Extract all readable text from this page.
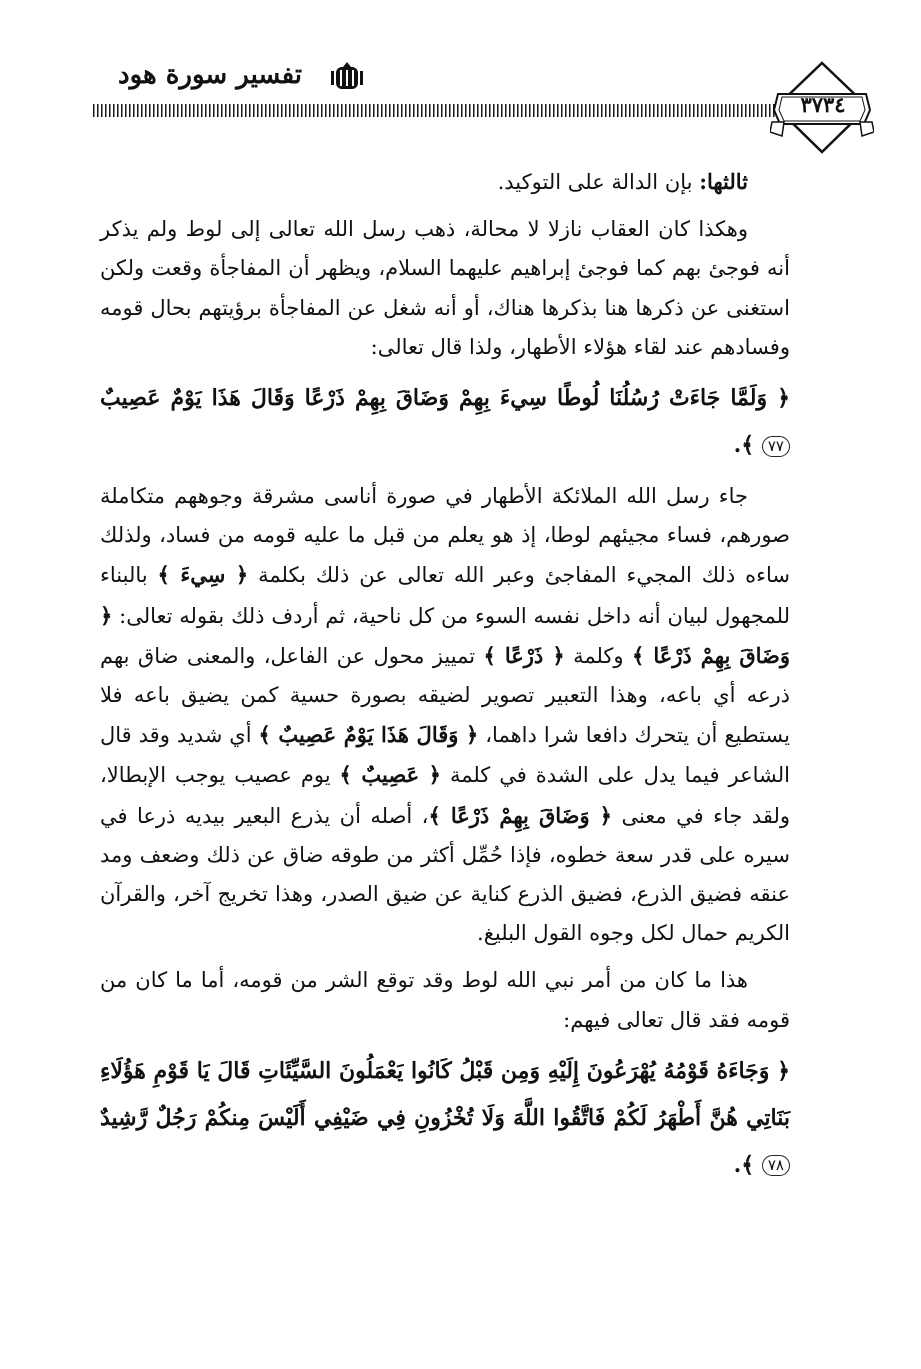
تفسير سورة هود
٣٧٣٤

ثالثها: بإن الدالة على التوكيد.

وهكذا كان العقاب نازلا لا محالة، ذهب رسل الله تعالى إلى لوط ولم يذكر أنه فوجئ بهم كما فوجئ إبراهيم عليهما السلام، ويظهر أن المفاجأة وقعت ولكن استغنى عن ذكرها هنا بذكرها هناك، أو أنه شغل عن المفاجأة برؤيتهم بحال قومه وفسادهم عند لقاء هؤلاء الأطهار، ولذا قال تعالى:

﴿ وَلَمَّا جَاءَتْ رُسُلُنَا لُوطًا سِيءَ بِهِمْ وَضَاقَ بِهِمْ ذَرْعًا وَقَالَ هَذَا يَوْمٌ عَصِيبٌ ٧٧ ﴾.

جاء رسل الله الملائكة الأطهار في صورة أناسى مشرقة وجوههم متكاملة صورهم، فساء مجيئهم لوطا، إذ هو يعلم من قبل ما عليه قومه من فساد، ولذلك ساءه ذلك المجيء المفاجئ وعبر الله تعالى عن ذلك بكلمة ﴿ سِيءَ ﴾ بالبناء للمجهول لبيان أنه داخل نفسه السوء من كل ناحية، ثم أردف ذلك بقوله تعالى: ﴿ وَضَاقَ بِهِمْ ذَرْعًا ﴾ وكلمة ﴿ ذَرْعًا ﴾ تمييز محول عن الفاعل، والمعنى ضاق بهم ذرعه أي باعه، وهذا التعبير تصوير لضيقه بصورة حسية كمن يضيق باعه فلا يستطيع أن يتحرك دافعا شرا داهما، ﴿ وَقَالَ هَذَا يَوْمٌ عَصِيبٌ ﴾ أي شديد وقد قال الشاعر فيما يدل على الشدة في كلمة ﴿ عَصِيبٌ ﴾ يوم عصيب يوجب الإبطالا، ولقد جاء في معنى ﴿ وَضَاقَ بِهِمْ ذَرْعًا ﴾، أصله أن يذرع البعير بيديه ذرعا في سيره على قدر سعة خطوه، فإذا حُمِّل أكثر من طوقه ضاق عن ذلك وضعف ومد عنقه فضيق الذرع، فضيق الذرع كناية عن ضيق الصدر، وهذا تخريج آخر، والقرآن الكريم حمال لكل وجوه القول البليغ.

هذا ما كان من أمر نبي الله لوط وقد توقع الشر من قومه، أما ما كان من قومه فقد قال تعالى فيهم:

﴿ وَجَاءَهُ قَوْمُهُ يُهْرَعُونَ إِلَيْهِ وَمِن قَبْلُ كَانُوا يَعْمَلُونَ السَّيِّئَاتِ قَالَ يَا قَوْمِ هَؤُلَاءِ بَنَاتِي هُنَّ أَطْهَرُ لَكُمْ فَاتَّقُوا اللَّهَ وَلَا تُخْزُونِ فِي ضَيْفِي أَلَيْسَ مِنكُمْ رَجُلٌ رَّشِيدٌ ٧٨ ﴾.
